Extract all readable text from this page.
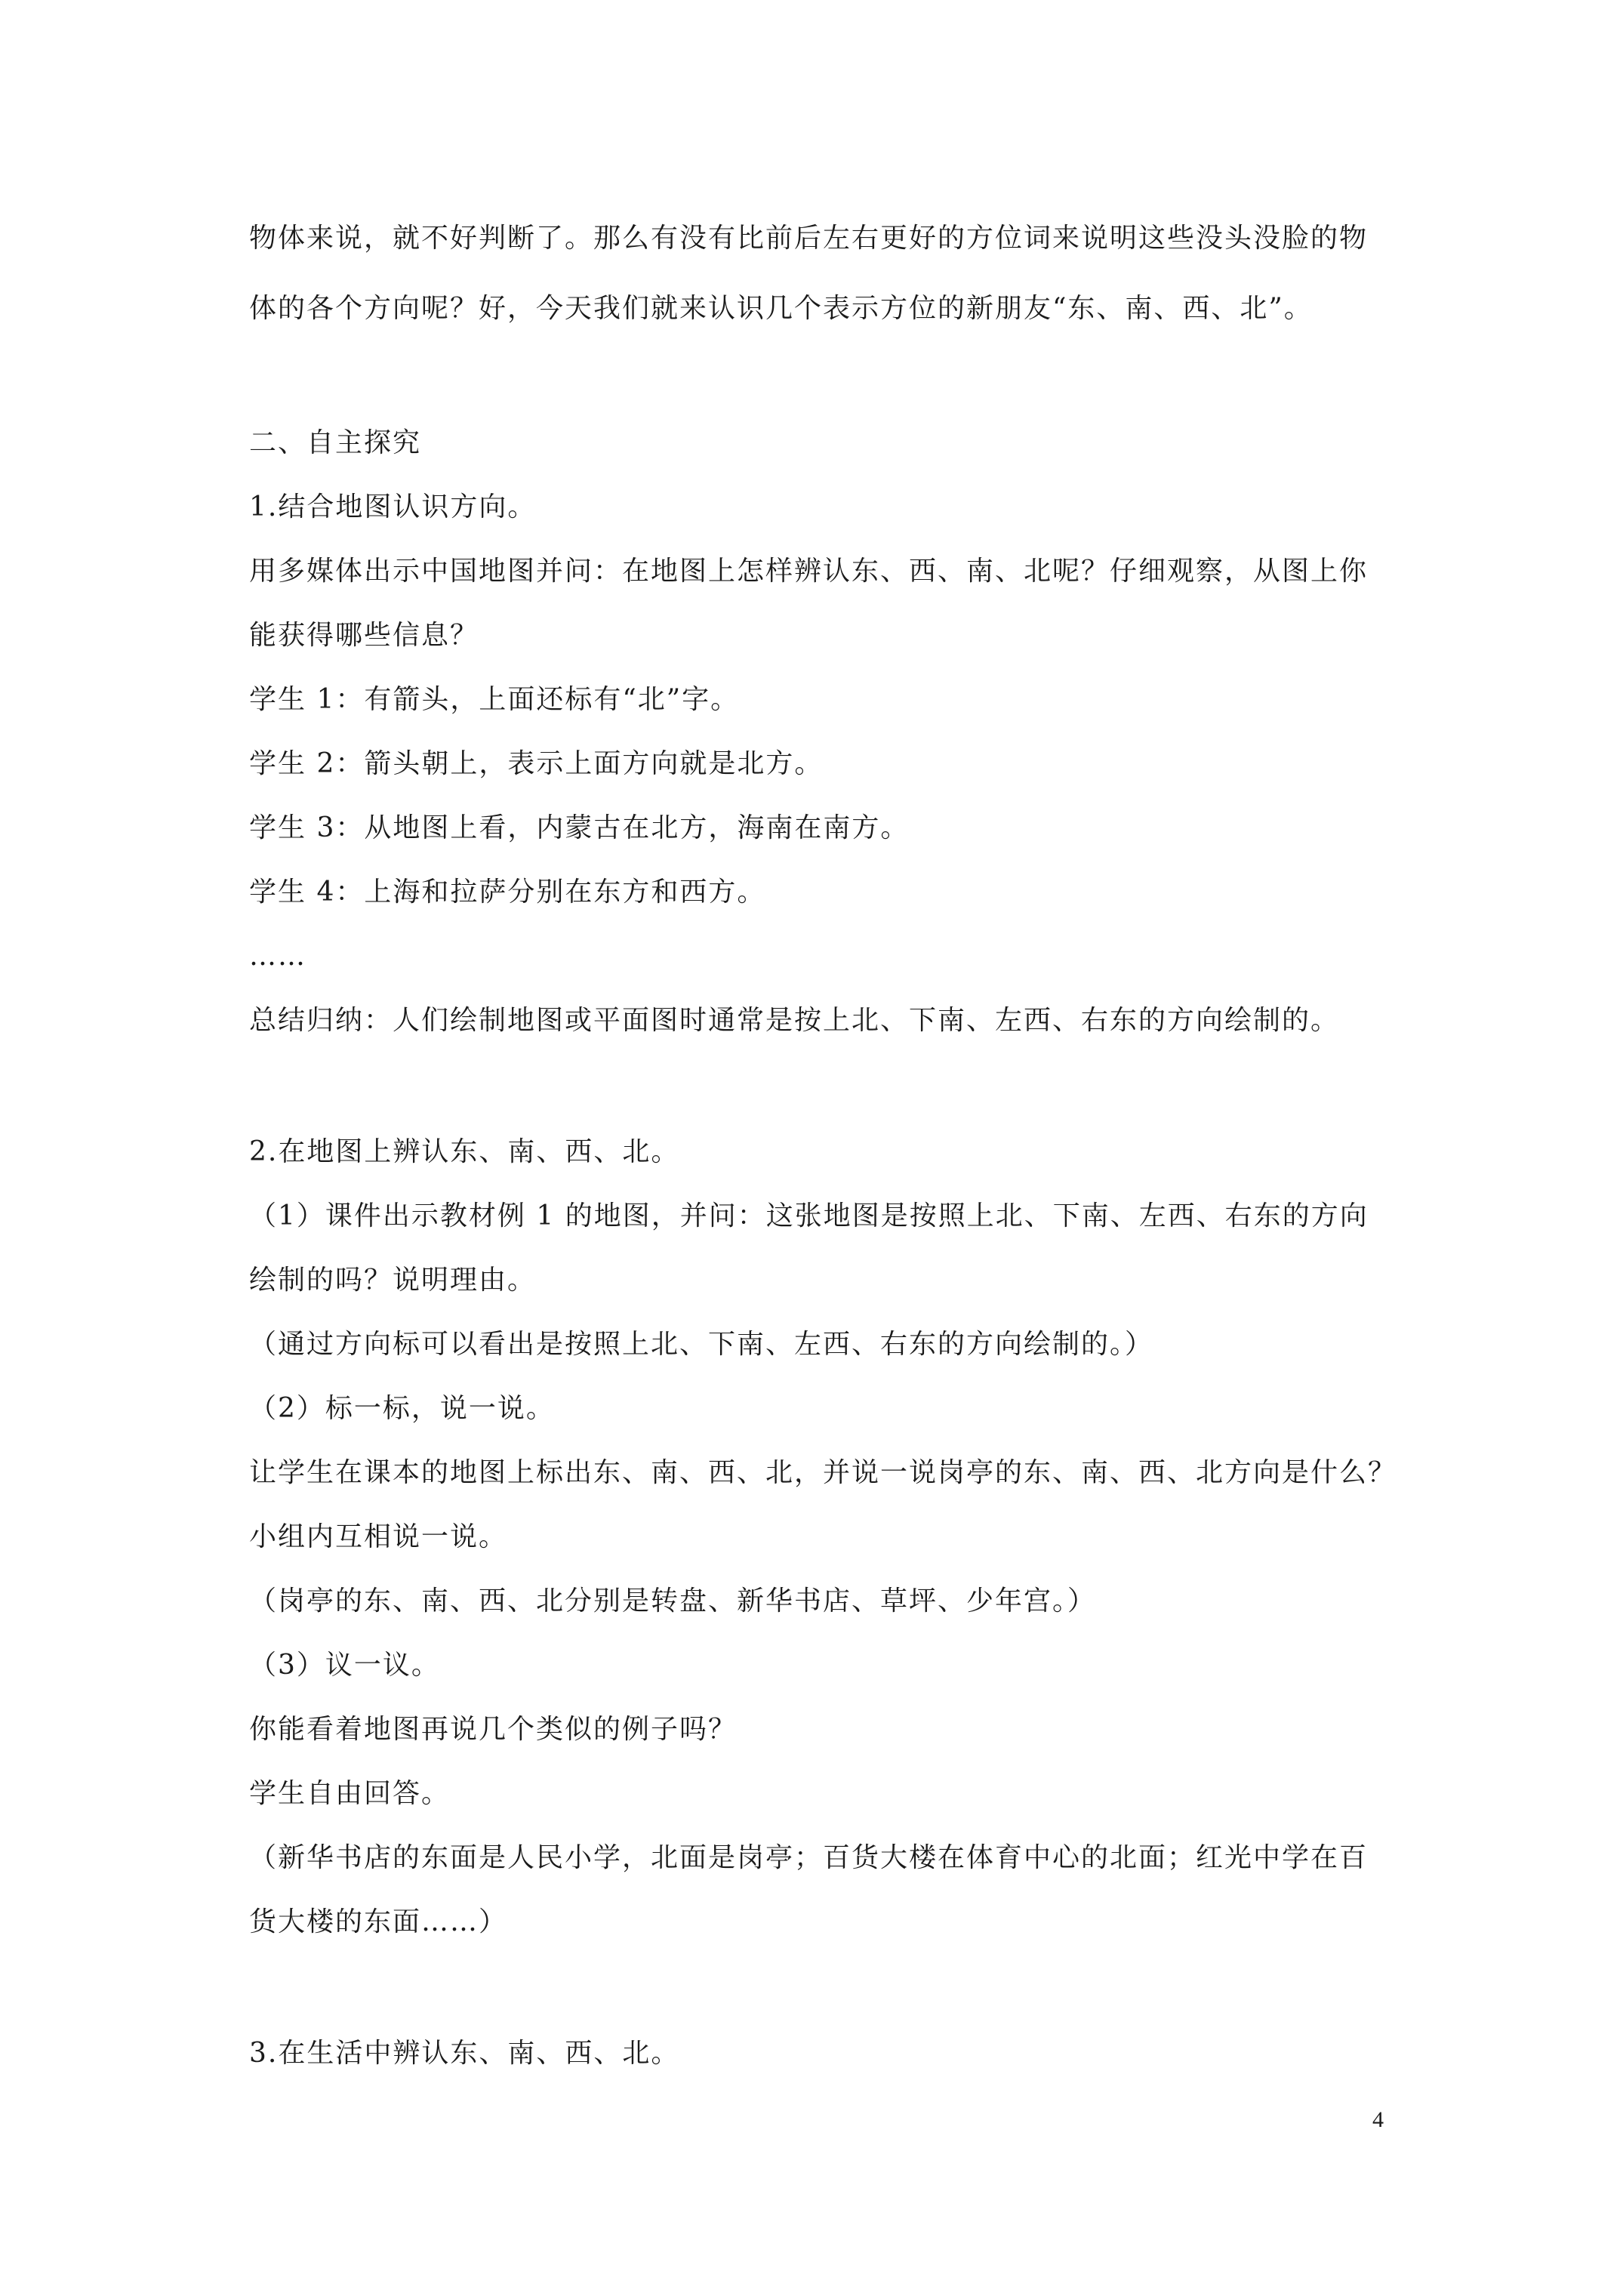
物体来说，就不好判断了。那么有没有比前后左右更好的方位词来说明这些没头没脸的物
体的各个方向呢？好，今天我们就来认识几个表示方位的新朋友“东、南、西、北”。
二、自主探究
1.结合地图认识方向。
用多媒体出示中国地图并问：在地图上怎样辨认东、西、南、北呢？仔细观察，从图上你
能获得哪些信息？
学生 1：有箭头，上面还标有“北”字。
学生 2：箭头朝上，表示上面方向就是北方。
学生 3：从地图上看，内蒙古在北方，海南在南方。
学生 4：上海和拉萨分别在东方和西方。
……
总结归纳：人们绘制地图或平面图时通常是按上北、下南、左西、右东的方向绘制的。
2.在地图上辨认东、南、西、北。
（1）课件出示教材例 1 的地图，并问：这张地图是按照上北、下南、左西、右东的方向
绘制的吗？说明理由。
（通过方向标可以看出是按照上北、下南、左西、右东的方向绘制的。）
（2）标一标，说一说。
让学生在课本的地图上标出东、南、西、北，并说一说岗亭的东、南、西、北方向是什么？
小组内互相说一说。
（岗亭的东、南、西、北分别是转盘、新华书店、草坪、少年宫。）
（3）议一议。
你能看着地图再说几个类似的例子吗？
学生自由回答。
（新华书店的东面是人民小学，北面是岗亭；百货大楼在体育中心的北面；红光中学在百
货大楼的东面……）
3.在生活中辨认东、南、西、北。
4
